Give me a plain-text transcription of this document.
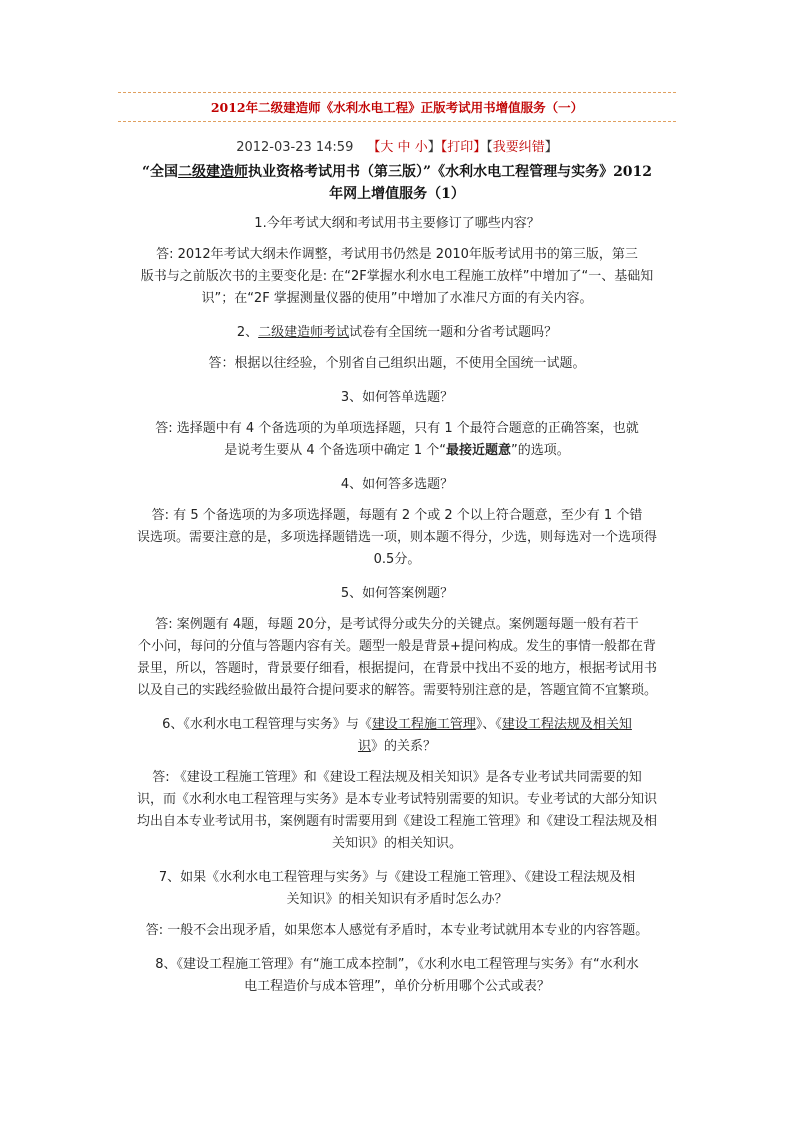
2012年二级建造师《水利水电工程》正版考试用书增值服务（一）
2012-03-23 14:59 【大 中 小】【打印】【我要纠错】
“全国二级建造师执业资格考试用书（第三版）”《水利水电工程管理与实务》2012
年网上增值服务（1）

1.今年考试大纲和考试用书主要修订了哪些内容？

答: 2012年考试大纲未作调整，考试用书仍然是 2010年版考试用书的第三版，第三

版书与之前版次书的主要变化是: 在“2F掌握水利水电工程施工放样”中增加了“一、基础知

识”；在“2F 掌握测量仪器的使用”中增加了水准尺方面的有关内容。

2、二级建造师考试试卷有全国统一题和分省考试题吗？

答：根据以往经验，个别省自己组织出题，不使用全国统一试题。

3、如何答单选题？

答: 选择题中有 4 个备选项的为单项选择题，只有 1 个最符合题意的正确答案，也就

是说考生要从 4 个备选项中确定 1 个“最接近题意”的选项。

4、如何答多选题？

答: 有 5 个备选项的为多项选择题，每题有 2 个或 2 个以上符合题意，至少有 1 个错

误选项。需要注意的是，多项选择题错选一项，则本题不得分，少选，则每选对一个选项得

0.5分。

5、如何答案例题？

答: 案例题有 4题，每题 20分，是考试得分或失分的关键点。案例题每题一般有若干

个小问，每问的分值与答题内容有关。题型一般是背景+提问构成。发生的事情一般都在背

景里，所以，答题时，背景要仔细看，根据提问，在背景中找出不妥的地方，根据考试用书

以及自己的实践经验做出最符合提问要求的解答。需要特别注意的是，答题宜简不宜繁琐。

6、《水利水电工程管理与实务》与《建设工程施工管理》、《建设工程法规及相关知

识》的关系？

答: 《建设工程施工管理》和《建设工程法规及相关知识》是各专业考试共同需要的知

识，而《水利水电工程管理与实务》是本专业考试特别需要的知识。专业考试的大部分知识

均出自本专业考试用书，案例题有时需要用到《建设工程施工管理》和《建设工程法规及相

关知识》的相关知识。

7、如果《水利水电工程管理与实务》与《建设工程施工管理》、《建设工程法规及相

关知识》的相关知识有矛盾时怎么办？

答: 一般不会出现矛盾，如果您本人感觉有矛盾时，本专业考试就用本专业的内容答题。

8、《建设工程施工管理》有“施工成本控制”，《水利水电工程管理与实务》有“水利水

电工程造价与成本管理”，单价分析用哪个公式或表？
